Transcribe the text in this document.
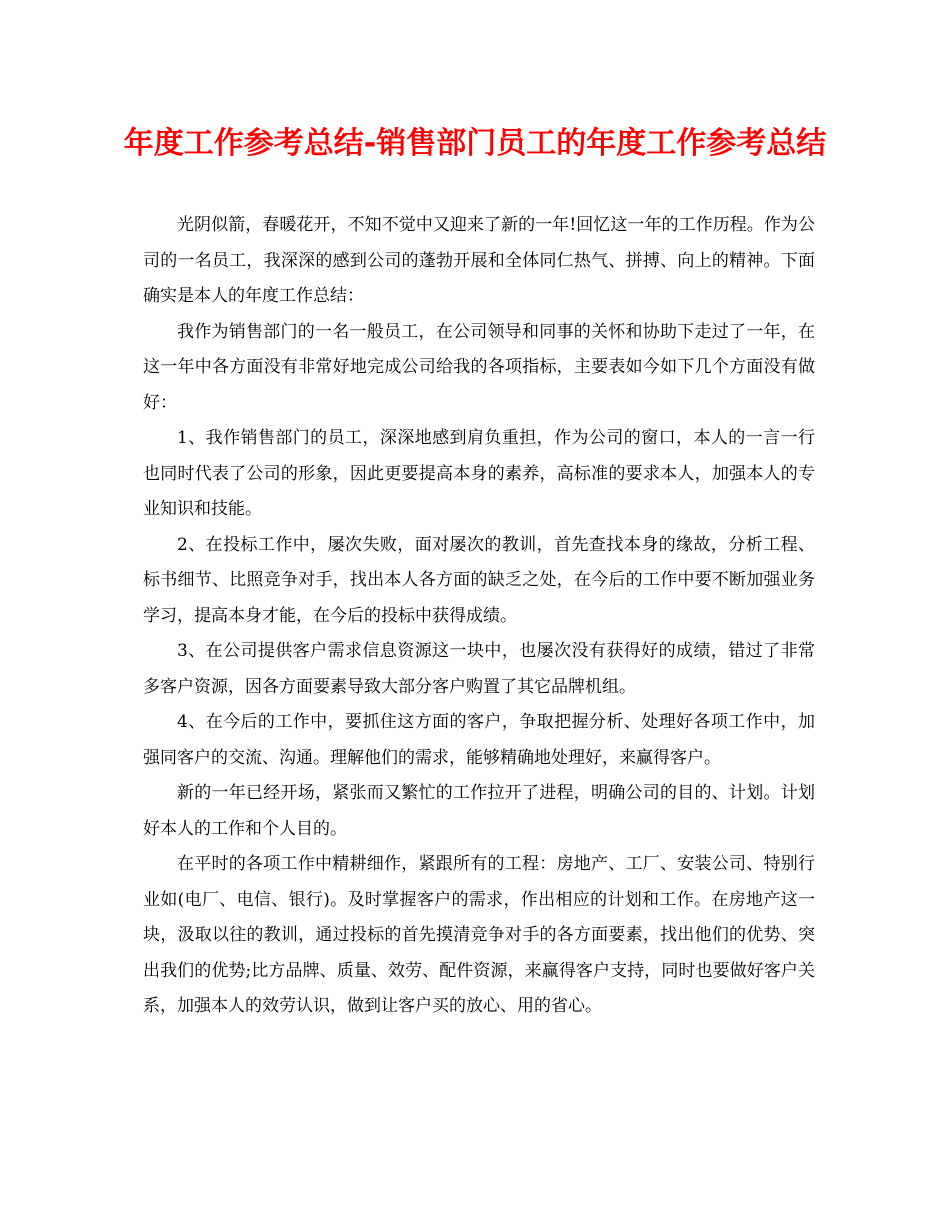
年度工作参考总结-销售部门员工的年度工作参考总结

光阴似箭，春暖花开，不知不觉中又迎来了新的一年!回忆这一年的工作历程。作为公司的一名员工，我深深的感到公司的蓬勃开展和全体同仁热气、拼搏、向上的精神。下面确实是本人的年度工作总结：

我作为销售部门的一名一般员工，在公司领导和同事的关怀和协助下走过了一年，在这一年中各方面没有非常好地完成公司给我的各项指标，主要表如今如下几个方面没有做好：

1、我作销售部门的员工，深深地感到肩负重担，作为公司的窗口，本人的一言一行也同时代表了公司的形象，因此更要提高本身的素养，高标准的要求本人，加强本人的专业知识和技能。

2、在投标工作中，屡次失败，面对屡次的教训，首先查找本身的缘故，分析工程、标书细节、比照竞争对手，找出本人各方面的缺乏之处，在今后的工作中要不断加强业务学习，提高本身才能，在今后的投标中获得成绩。

3、在公司提供客户需求信息资源这一块中，也屡次没有获得好的成绩，错过了非常多客户资源，因各方面要素导致大部分客户购置了其它品牌机组。

4、在今后的工作中，要抓住这方面的客户，争取把握分析、处理好各项工作中，加强同客户的交流、沟通。理解他们的需求，能够精确地处理好，来赢得客户。

新的一年已经开场，紧张而又繁忙的工作拉开了进程，明确公司的目的、计划。计划好本人的工作和个人目的。

在平时的各项工作中精耕细作，紧跟所有的工程：房地产、工厂、安装公司、特别行业如(电厂、电信、银行)。及时掌握客户的需求，作出相应的计划和工作。在房地产这一块，汲取以往的教训，通过投标的首先摸清竞争对手的各方面要素，找出他们的优势、突出我们的优势;比方品牌、质量、效劳、配件资源，来赢得客户支持，同时也要做好客户关系，加强本人的效劳认识，做到让客户买的放心、用的省心。
